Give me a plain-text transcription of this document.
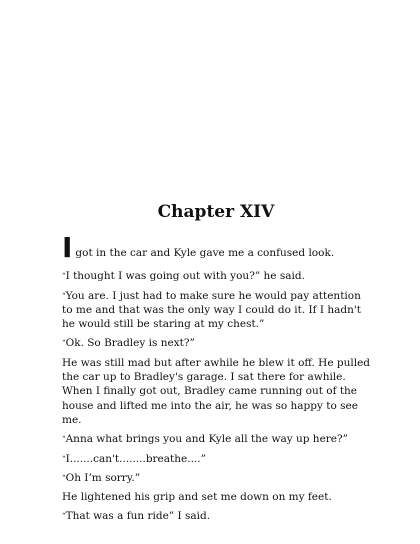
Chapter XIV

Igot in the car and Kyle gave me a confused look.

“I thought I was going out with you?” he said.

“You are. I just had to make sure he would pay attention to me and that was the only way I could do it. If I hadn't he would still be staring at my chest.”

“Ok. So Bradley is next?”

He was still mad but after awhile he blew it off. He pulled the car up to Bradley's garage. I sat there for awhile. When I finally got out, Bradley came running out of the house and lifted me into the air, he was so happy to see me.

“Anna what brings you and Kyle all the way up here?”

“I.......can't........breathe....”

“Oh I’m sorry.”

He lightened his grip and set me down on my feet.

“That was a fun ride” I said.
